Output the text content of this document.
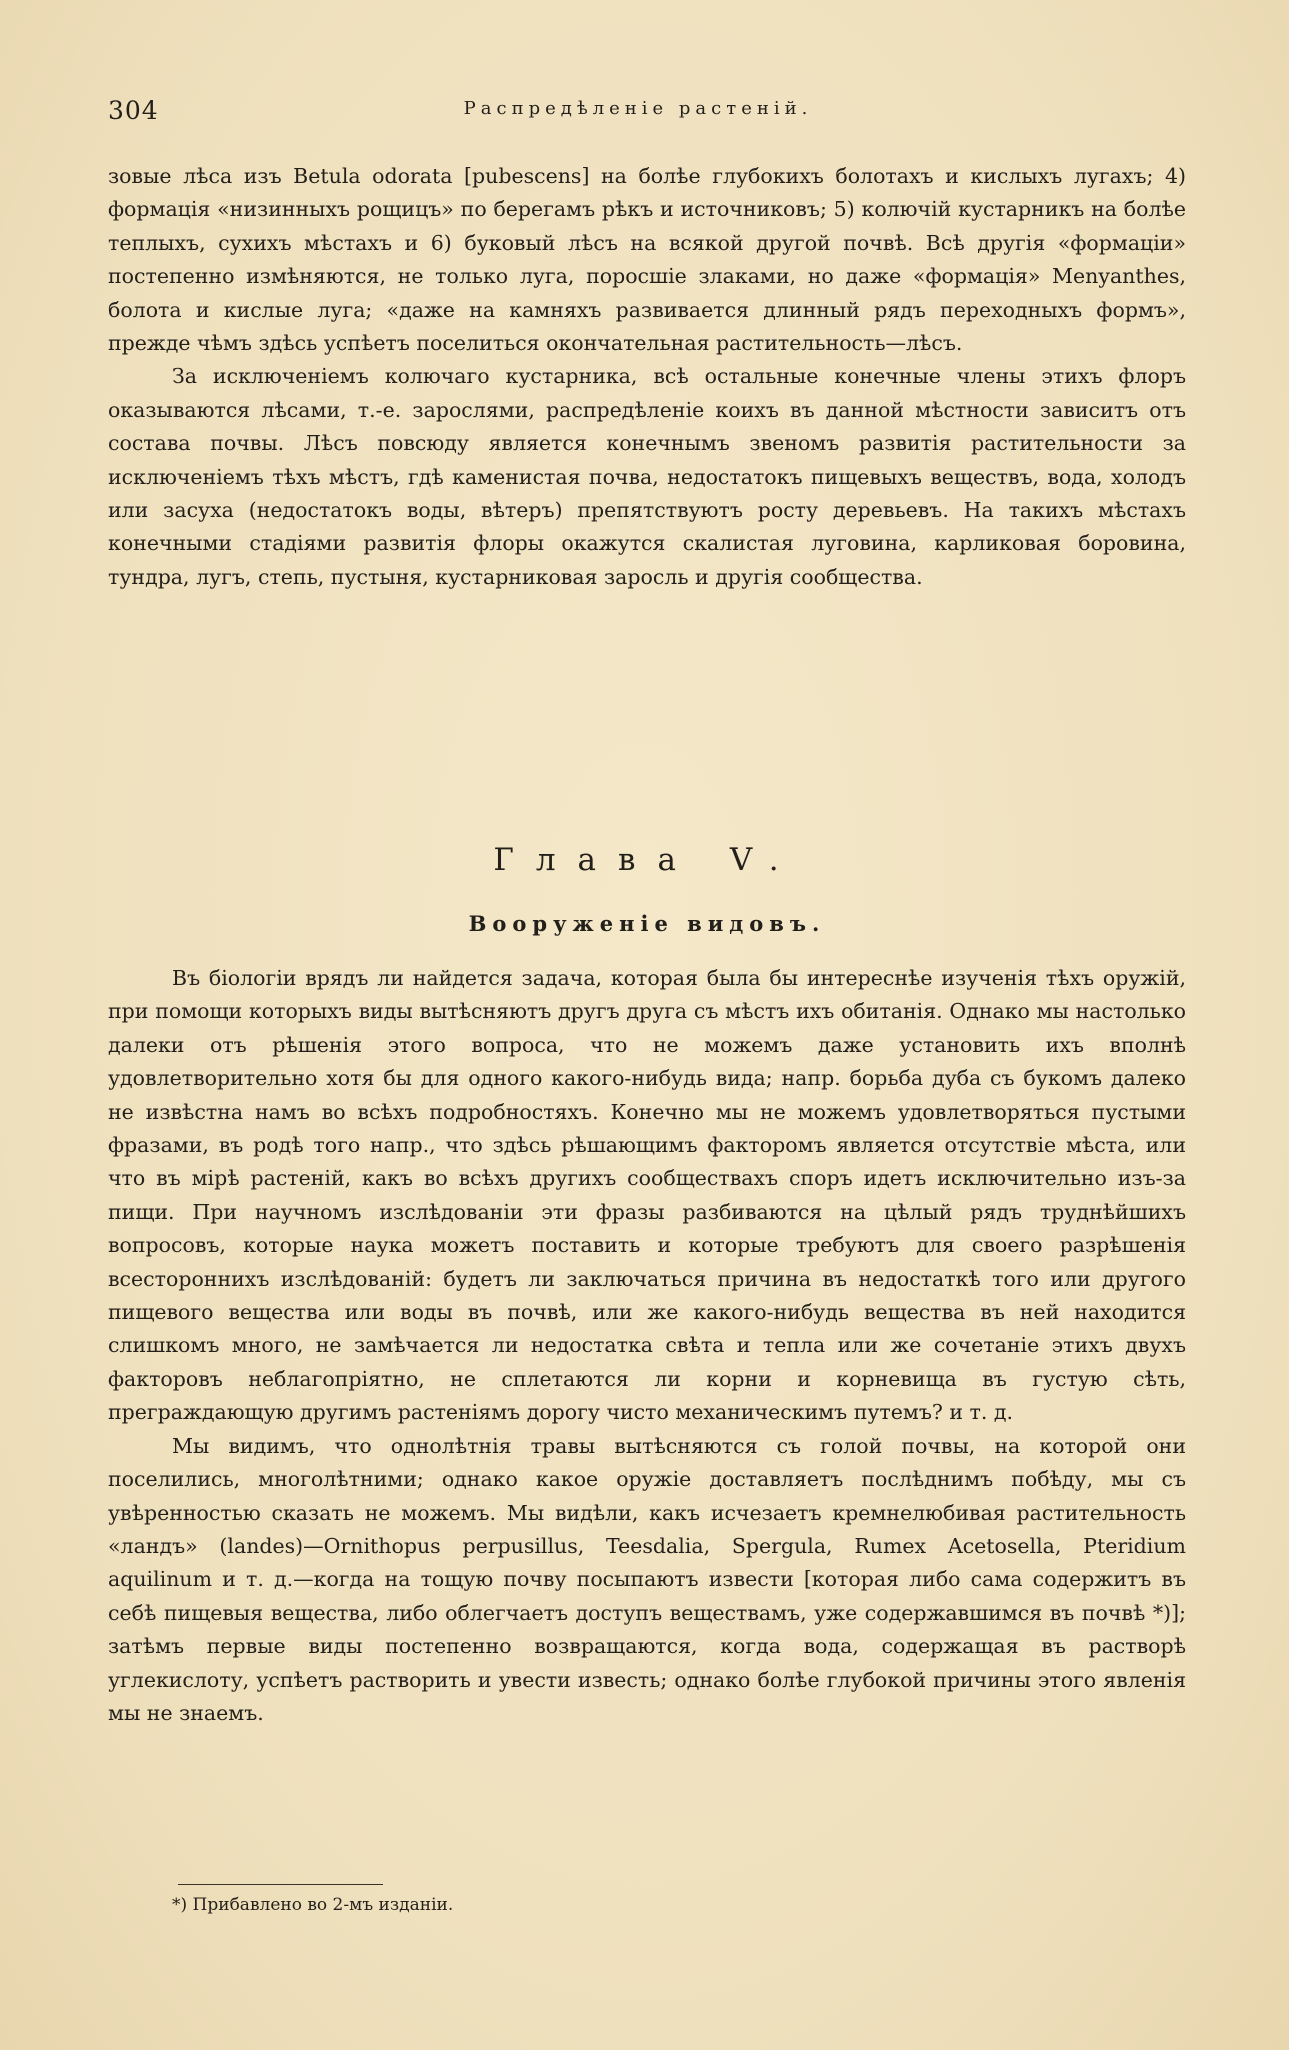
304	Распредѣленіе растеній.

зовые лѣса изъ Betula odorata [pubescens] на болѣе глубокихъ болотахъ и кислыхъ лугахъ; 4) формація «низинныхъ рощицъ» по берегамъ рѣкъ и источниковъ; 5) колючій кустарникъ на болѣе теплыхъ, сухихъ мѣстахъ и 6) буковый лѣсъ на всякой другой почвѣ. Всѣ другія «формаціи» постепенно измѣняются, не только луга, поросшіе злаками, но даже «формація» Menyanthes, болота и кислые луга; «даже на камняхъ развивается длинный рядъ переходныхъ формъ», прежде чѣмъ здѣсь успѣетъ поселиться окончательная растительность—лѣсъ.

За исключеніемъ колючаго кустарника, всѣ остальные конечные члены этихъ флоръ оказываются лѣсами, т.-е. зарослями, распредѣленіе коихъ въ данной мѣстности зависитъ отъ состава почвы. Лѣсъ повсюду является конечнымъ звеномъ развитія растительности за исключеніемъ тѣхъ мѣстъ, гдѣ каменистая почва, недостатокъ пищевыхъ веществъ, вода, холодъ или засуха (недостатокъ воды, вѣтеръ) препятствуютъ росту деревьевъ. На такихъ мѣстахъ конечными стадіями развитія флоры окажутся скалистая луговина, карликовая боровина, тундра, лугъ, степь, пустыня, кустарниковая заросль и другія сообщества.

Глава V.
Вооруженіе видовъ.

Въ біологіи врядъ ли найдется задача, которая была бы интереснѣе изученія тѣхъ оружій, при помощи которыхъ виды вытѣсняютъ другъ друга съ мѣстъ ихъ обитанія. Однако мы настолько далеки отъ рѣшенія этого вопроса, что не можемъ даже установить ихъ вполнѣ удовлетворительно хотя бы для одного какого-нибудь вида; напр. борьба дуба съ букомъ далеко не извѣстна намъ во всѣхъ подробностяхъ. Конечно мы не можемъ удовлетворяться пустыми фразами, въ родѣ того напр., что здѣсь рѣшающимъ факторомъ является отсутствіе мѣста, или что въ мірѣ растеній, какъ во всѣхъ другихъ сообществахъ споръ идетъ исключительно изъ-за пищи. При научномъ изслѣдованіи эти фразы разбиваются на цѣлый рядъ труднѣйшихъ вопросовъ, которые наука можетъ поставить и которые требуютъ для своего разрѣшенія всестороннихъ изслѣдованій: будетъ ли заключаться причина въ недостаткѣ того или другого пищевого вещества или воды въ почвѣ, или же какого-нибудь вещества въ ней находится слишкомъ много, не замѣчается ли недостатка свѣта и тепла или же сочетаніе этихъ двухъ факторовъ неблагопріятно, не сплетаются ли корни и корневища въ густую сѣть, преграждающую другимъ растеніямъ дорогу чисто механическимъ путемъ? и т. д.

Мы видимъ, что однолѣтнія травы вытѣсняются съ голой почвы, на которой они поселились, многолѣтними; однако какое оружіе доставляетъ послѣднимъ побѣду, мы съ увѣренностью сказать не можемъ. Мы видѣли, какъ исчезаетъ кремнелюбивая растительность «ландъ» (landes)—Ornithopus perpusillus, Teesdalia, Spergula, Rumex Acetosella, Pteridium aquilinum и т. д.—когда на тощую почву посыпаютъ извести [которая либо сама содержитъ въ себѣ пищевыя вещества, либо облегчаетъ доступъ веществамъ, уже содержавшимся въ почвѣ *)]; затѣмъ первые виды постепенно возвращаются, когда вода, содержащая въ растворѣ углекислоту, успѣетъ растворить и увести известь; однако болѣе глубокой причины этого явленія мы не знаемъ.

*) Прибавлено во 2-мъ изданіи.
